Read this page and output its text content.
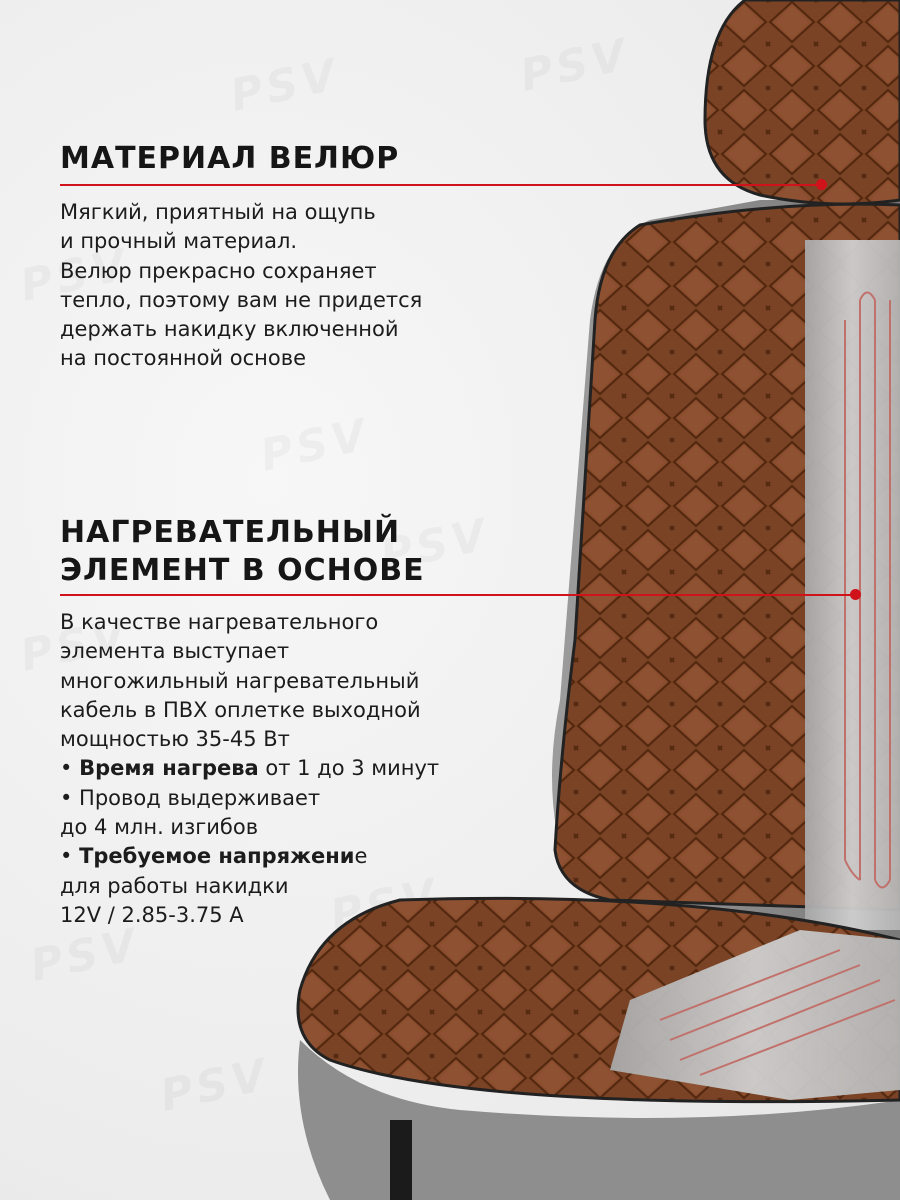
МАТЕРИАЛ ВЕЛЮР

Мягкий, приятный на ощупь
и прочный материал.
Велюр прекрасно сохраняет
тепло, поэтому вам не придется
держать накидку включенной
на постоянной основе

НАГРЕВАТЕЛЬНЫЙ
ЭЛЕМЕНТ В ОСНОВЕ
В качестве нагревательного
элемента выступает
многожильный нагревательный
кабель в ПВХ оплетке выходной
мощностью 35-45 Вт
• Время нагрева от 1 до 3 минут
• Провод выдерживает
до 4 млн. изгибов
• Требуемое напряжение
для работы накидки
12V / 2.85-3.75 A
